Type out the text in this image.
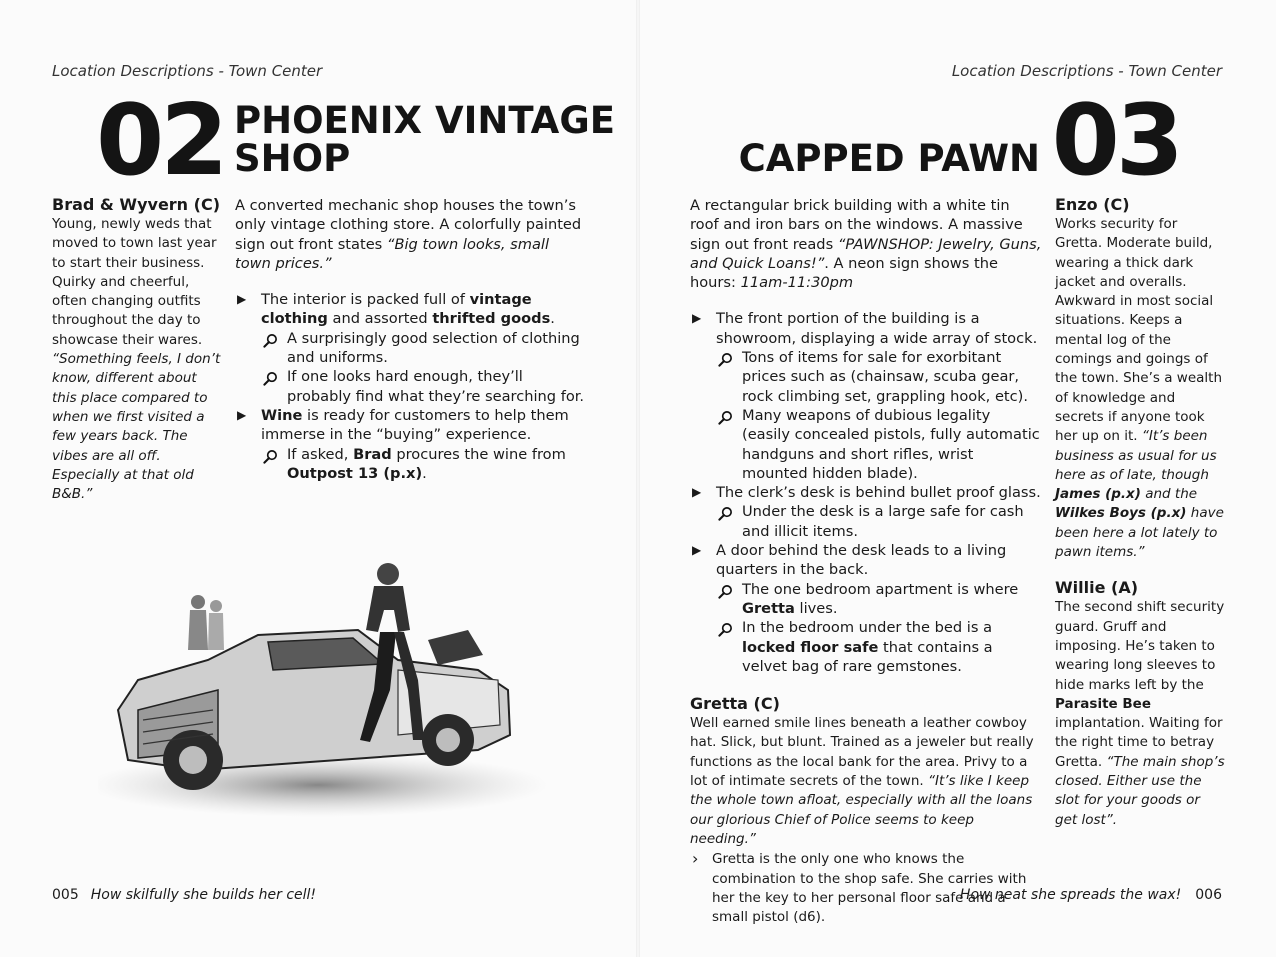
Location Descriptions - Town Center
02 PHOENIX VINTAGE
SHOP
Brad & Wyvern (C)
Young, newly weds that moved to town last year to start their business. Quirky and cheerful, often changing outfits throughout the day to showcase their wares. “Something feels, I don’t know, different about this place compared to when we first visited a few years back. The vibes are all off. Especially at that old B&B.”

A converted mechanic shop houses the town’s only vintage clothing store. A colorfully painted sign out front states “Big town looks, small town prices.”

▶ The interior is packed full of vintage clothing and assorted thrifted goods.
A surprisingly good selection of clothing and uniforms.
If one looks hard enough, they’ll probably find what they’re searching for.
▶ Wine is ready for customers to help them immerse in the “buying” experience.
If asked, Brad procures the wine from Outpost 13 (p.x).
005 How skilfully she builds her cell!
Location Descriptions - Town Center
CAPPED PAWN 03

A rectangular brick building with a white tin roof and iron bars on the windows. A massive sign out front reads “PAWNSHOP: Jewelry, Guns, and Quick Loans!”. A neon sign shows the hours: 11am-11:30pm

▶ The front portion of the building is a showroom, displaying a wide array of stock.
Tons of items for sale for exorbitant prices such as (chainsaw, scuba gear, rock climbing set, grappling hook, etc).
Many weapons of dubious legality (easily concealed pistols, fully automatic handguns and short rifles, wrist mounted hidden blade).
▶ The clerk’s desk is behind bullet proof glass.
Under the desk is a large safe for cash and illicit items.
▶ A door behind the desk leads to a living quarters in the back.
The one bedroom apartment is where Gretta lives.
In the bedroom under the bed is a locked floor safe that contains a velvet bag of rare gemstones.
Gretta (C)
Well earned smile lines beneath a leather cowboy hat. Slick, but blunt. Trained as a jeweler but really functions as the local bank for the area. Privy to a lot of intimate secrets of the town. “It’s like I keep the whole town afloat, especially with all the loans our glorious Chief of Police seems to keep needing.”
› Gretta is the only one who knows the combination to the shop safe. She carries with her the key to her personal floor safe and a small pistol (d6).
Enzo (C)
Works security for Gretta. Moderate build, wearing a thick dark jacket and overalls. Awkward in most social situations. Keeps a mental log of the comings and goings of the town. She’s a wealth of knowledge and secrets if anyone took her up on it. “It’s been business as usual for us here as of late, though James (p.x) and the Wilkes Boys (p.x) have been here a lot lately to pawn items.”
Willie (A)
The second shift security guard. Gruff and imposing. He’s taken to wearing long sleeves to hide marks left by the Parasite Bee implantation. Waiting for the right time to betray Gretta. “The main shop’s closed. Either use the slot for your goods or get lost”.
How neat she spreads the wax! 006
